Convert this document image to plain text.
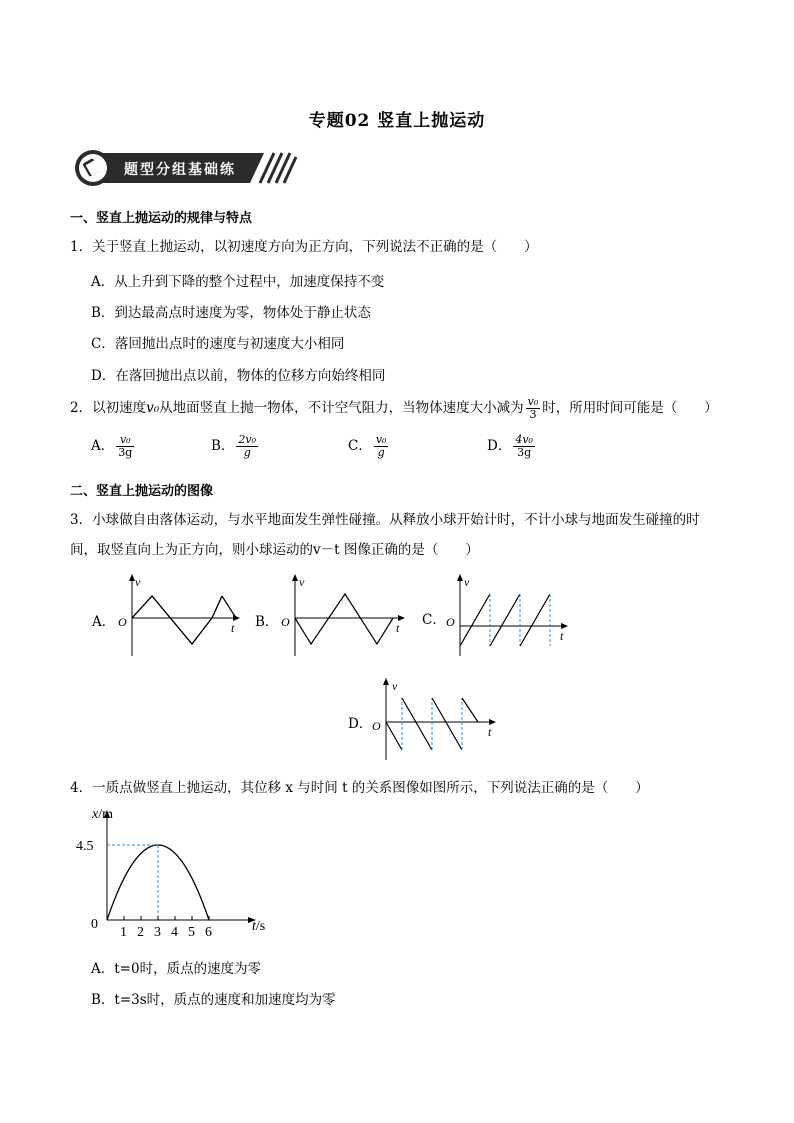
专题02 竖直上抛运动
题型分组基础练
一、竖直上抛运动的规律与特点
1．关于竖直上抛运动，以初速度方向为正方向，下列说法不正确的是（　　）
A．从上升到下降的整个过程中，加速度保持不变
B．到达最高点时速度为零，物体处于静止状态
C．落回抛出点时的速度与初速度大小相同
D．在落回抛出点以前，物体的位移方向始终相同
2．以初速度v₀从地面竖直上抛一物体，不计空气阻力，当物体速度大小减为 $\frac{\text{v₀}}{3}$ 时，所用时间可能是（　　）
A． $\frac{\text{v₀}}{3g}$	B． $\frac{\text{2v₀}}{g}$	C． $\frac{\text{v₀}}{g}$	D． $\frac{\text{4v₀}}{3g}$
二、竖直上抛运动的图像
3．小球做自由落体运动，与水平地面发生弹性碰撞。从释放小球开始计时，不计小球与地面发生碰撞的时
间，取竖直向上为正方向，则小球运动的v－t 图像正确的是（　　）
A．
v
t
O	B．
v
t
O	C．
v
t
O
D．
v
t
O
4．一质点做竖直上抛运动，其位移 x 与时间 t 的关系图像如图所示，下列说法正确的是（　　）
1 2 3 4 5 6
x/m
t/s
4.5
0
A．t=0时，质点的速度为零
B．t=3s时，质点的速度和加速度均为零
